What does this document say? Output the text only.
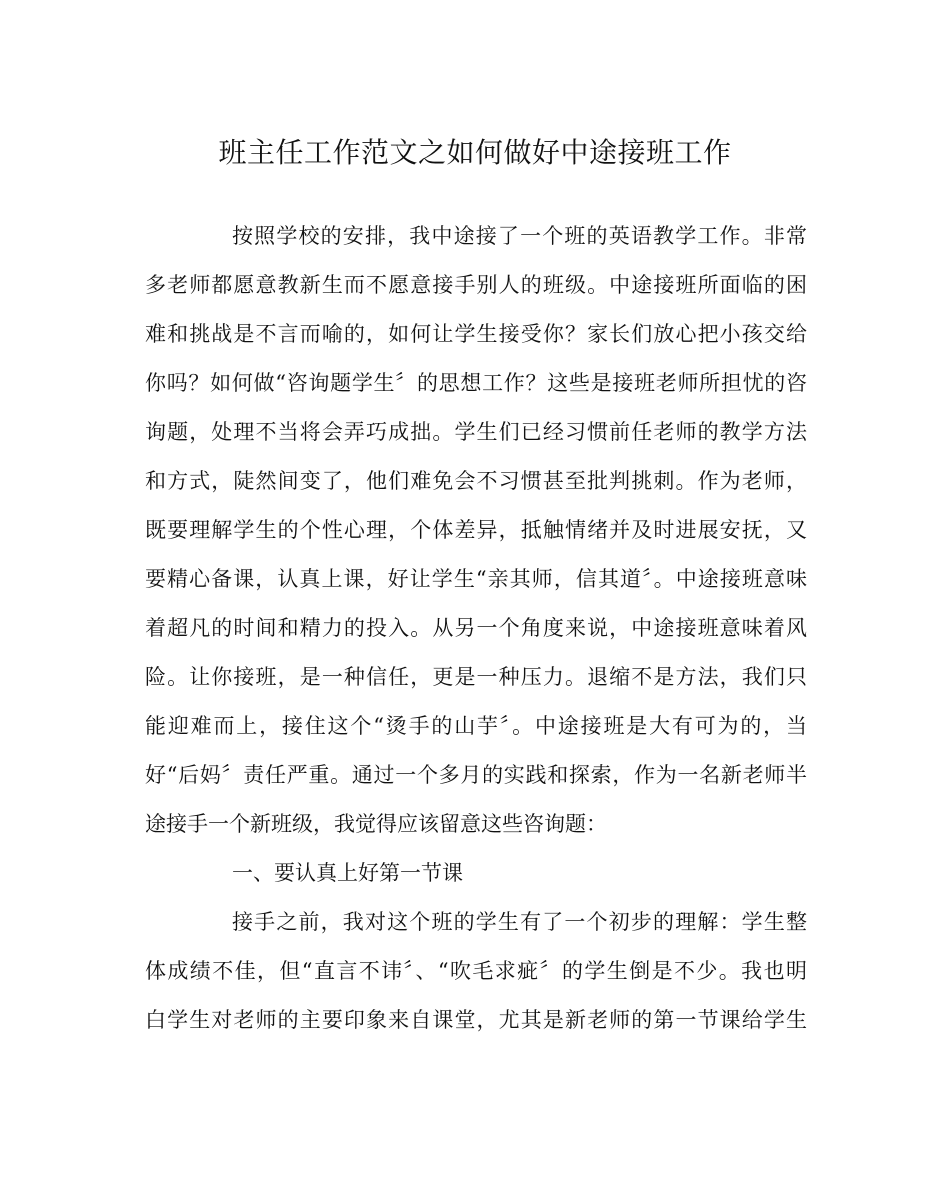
班主任工作范文之如何做好中途接班工作
按照学校的安排，我中途接了一个班的英语教学工作。非常
多老师都愿意教新生而不愿意接手别人的班级。中途接班所面临的困
难和挑战是不言而喻的，如何让学生接受你？家长们放心把小孩交给
你吗？如何做“咨询题学生〞的思想工作？这些是接班老师所担忧的咨
询题，处理不当将会弄巧成拙。学生们已经习惯前任老师的教学方法
和方式，陡然间变了，他们难免会不习惯甚至批判挑刺。作为老师，
既要理解学生的个性心理，个体差异，抵触情绪并及时进展安抚，又
要精心备课，认真上课，好让学生“亲其师，信其道〞。中途接班意味
着超凡的时间和精力的投入。从另一个角度来说，中途接班意味着风
险。让你接班，是一种信任，更是一种压力。退缩不是方法，我们只
能迎难而上，接住这个“烫手的山芋〞。中途接班是大有可为的，当
好“后妈〞责任严重。通过一个多月的实践和探索，作为一名新老师半
途接手一个新班级，我觉得应该留意这些咨询题：
一、要认真上好第一节课
接手之前，我对这个班的学生有了一个初步的理解：学生整
体成绩不佳，但“直言不讳〞、“吹毛求疵〞的学生倒是不少。我也明
白学生对老师的主要印象来自课堂，尤其是新老师的第一节课给学生
